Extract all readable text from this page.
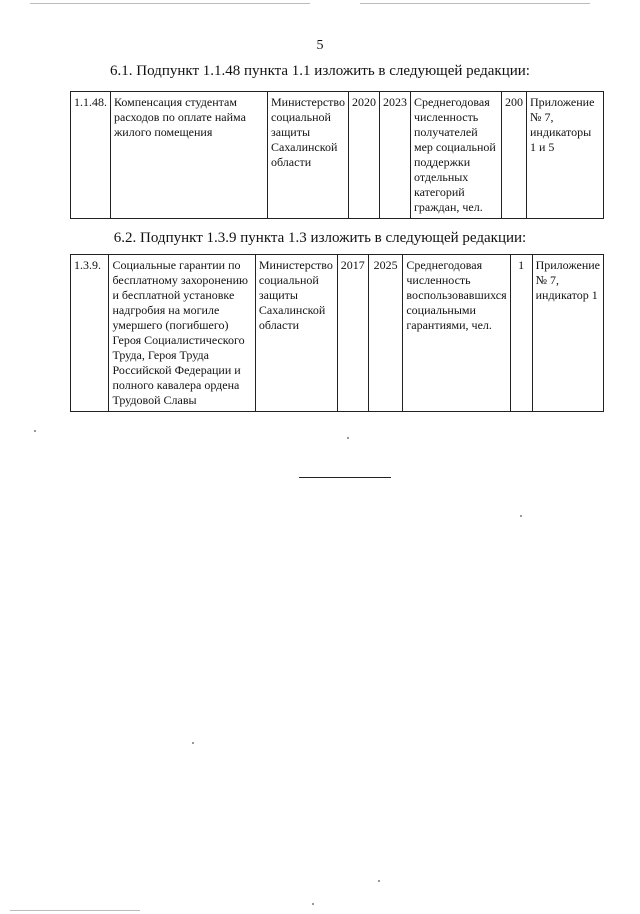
5
6.1. Подпункт 1.1.48 пункта 1.1 изложить в следующей редакции:
1.1.48.	Компенсация студентам расходов по оплате найма жилого помещения	Министерство социальной защиты Сахалинской области	2020	2023	Среднегодовая численность получателей мер социальной поддержки отдельных категорий граждан, чел.	200	Приложение № 7, индикаторы 1 и 5
6.2. Подпункт 1.3.9 пункта 1.3 изложить в следующей редакции:
1.3.9.	Социальные гарантии по бесплатному захоронению и бесплатной установке надгробия на могиле умершего (погибшего) Героя Социалистического Труда, Героя Труда Российской Федерации и полного кавалера ордена Трудовой Славы	Министерство социальной защиты Сахалинской области	2017	2025	Среднегодовая численность воспользовавшихся социальными гарантиями, чел.	1	Приложение № 7, индикатор 1
